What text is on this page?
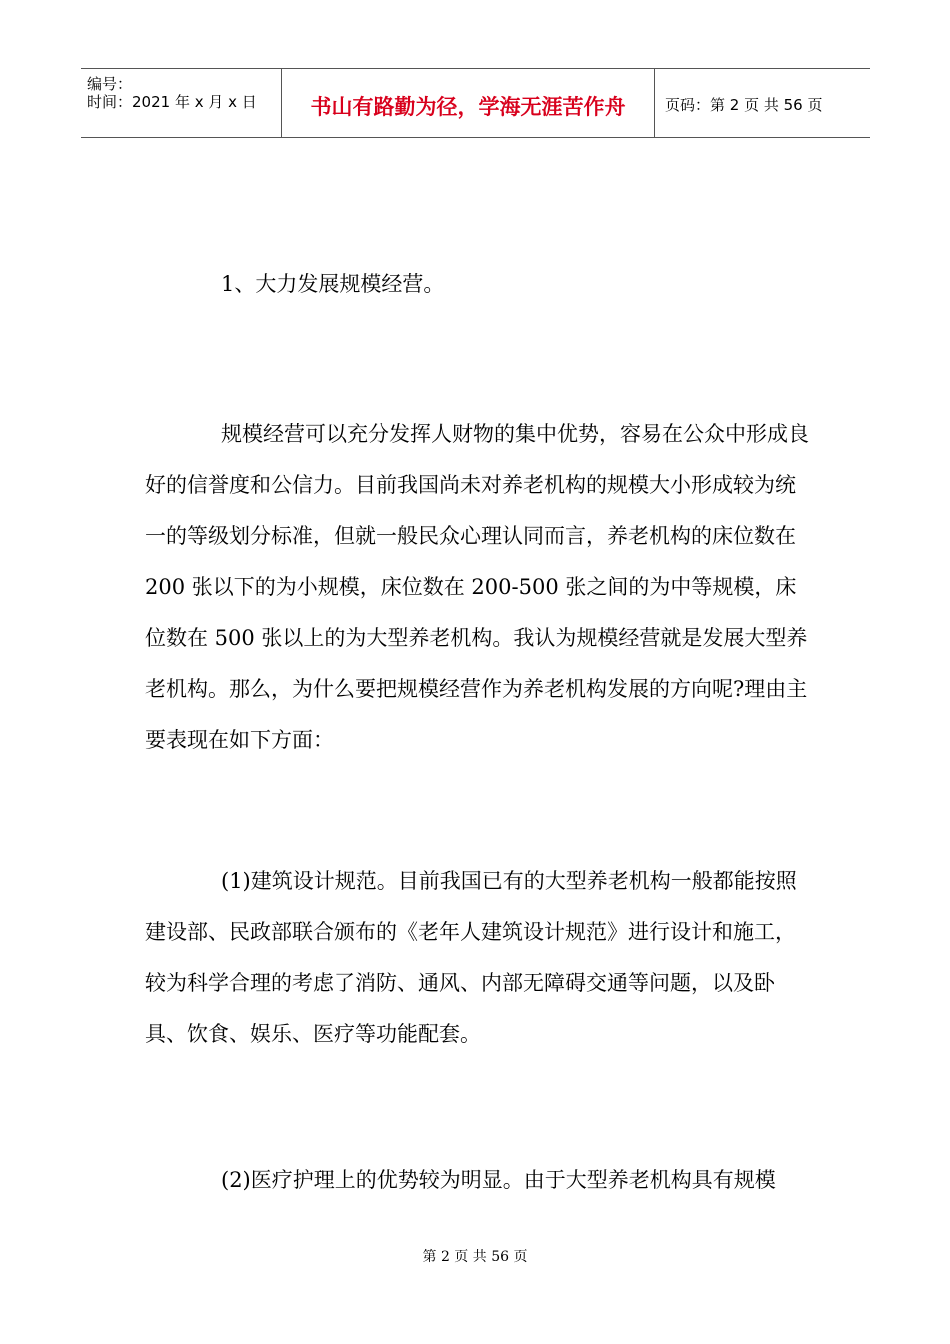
编号：
时间：2021 年 x 月 x 日	书山有路勤为径，学海无涯苦作舟	页码：第 2 页 共 56 页

1、大力发展规模经营。

规模经营可以充分发挥人财物的集中优势，容易在公众中形成良好的信誉度和公信力。目前我国尚未对养老机构的规模大小形成较为统一的等级划分标准，但就一般民众心理认同而言，养老机构的床位数在 200 张以下的为小规模，床位数在 200-500 张之间的为中等规模，床位数在 500 张以上的为大型养老机构。我认为规模经营就是发展大型养老机构。那么，为什么要把规模经营作为养老机构发展的方向呢?理由主要表现在如下方面：

(1)建筑设计规范。目前我国已有的大型养老机构一般都能按照建设部、民政部联合颁布的《老年人建筑设计规范》进行设计和施工，较为科学合理的考虑了消防、通风、内部无障碍交通等问题，以及卧具、饮食、娱乐、医疗等功能配套。

(2)医疗护理上的优势较为明显。由于大型养老机构具有规模

第 2 页 共 56 页
